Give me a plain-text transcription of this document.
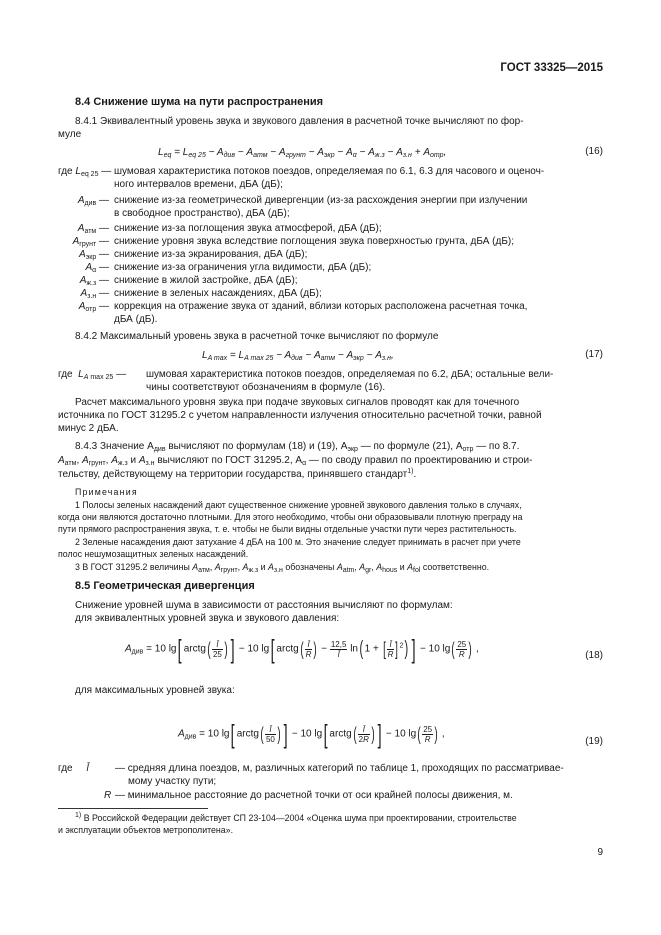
ГОСТ 33325—2015
8.4 Снижение шума на пути распространения
8.4.1 Эквивалентный уровень звука и звукового давления в расчетной точке вычисляют по фор-
муле
$L_{eq} = L_{eq 25} - A_{див} - A_{атм} - A_{грунт} - A_{экр} - A_\alpha - A_{ж.з} - A_{з.н} + A_{отр}$,	(16)
где $L_{eq 25}$ — шумовая характеристика потоков поездов, определяемая по 6.1, 6.3 для часового и оценоч-
ного интервалов времени, дБА (дБ);
$A_{див}$ — снижение из-за геометрической дивергенции (из-за расхождения энергии при излучении
в свободное пространство), дБА (дБ);
$A_{атм}$ — снижение из-за поглощения звука атмосферой, дБА (дБ);
$A_{грунт}$ — снижение уровня звука вследствие поглощения звука поверхностью грунта, дБА (дБ);
$A_{экр}$ — снижение из-за экранирования, дБА (дБ);
$A_\alpha$ — снижение из-за ограничения угла видимости, дБА (дБ);
$A_{ж.з}$ — снижение в жилой застройке, дБА (дБ);
$A_{з.н}$ — снижение в зеленых насаждениях, дБА (дБ);
$A_{отр}$ — коррекция на отражение звука от зданий, вблизи которых расположена расчетная точка,
дБА (дБ).
8.4.2 Максимальный уровень звука в расчетной точке вычисляют по формуле
$L_{A max} = L_{A max 25} - A_{див} - A_{атм} - A_{экр} - A_{з.н}$,	(17)
где $L_{A max 25}$ — шумовая характеристика потоков поездов, определяемая по 6.2, дБА; остальные вели-
чины соответствуют обозначениям в формуле (16).
Расчет максимального уровня звука при подаче звуковых сигналов проводят как для точечного
источника по ГОСТ 31295.2 с учетом направленности излучения относительно расчетной точки, равной
минус 2 дБА.
8.4.3 Значение $A_{див}$ вычисляют по формулам (18) и (19), $A_{экр}$ — по формуле (21), $A_{отр}$ — по 8.7.
$A_{атм}$, $A_{грунт}$, $A_{ж.з}$ и $A_{з.н}$ вычисляют по ГОСТ 31295.2, $A_\alpha$ — по своду правил по проектированию и строи-
тельству, действующему на территории государства, принявшего стандарт$^{1)}$.
Примечания
1 Полосы зеленых насаждений дают существенное снижение уровней звукового давления только в случаях,
когда они являются достаточно плотными. Для этого необходимо, чтобы они образовывали плотную преграду на
пути прямого распространения звука, т. е. чтобы не были видны отдельные участки пути через растительность.
2 Зеленые насаждения дают затухание 4 дБА на 100 м. Это значение следует принимать в расчет при учете
полос нешумозащитных зеленых насаждений.
3 В ГОСТ 31295.2 величины $A_{атм}$, $A_{грунт}$, $A_{ж.з}$ и $A_{з.н}$ обозначены $A_{atm}$, $A_{gr}$, $A_{hous}$ и $A_{fol}$ соответственно.
8.5 Геометрическая дивергенция
Снижение уровней шума в зависимости от расстояния вычисляют по формулам:
для эквивалентных уровней звука и звукового давления:
$A_{див} = 10$ lg[ arctg( $\frac{l̄}{25}$ ) ] − 10 lg[ arctg( $\frac{l̄}{R}$ ) − $\frac{12,5}{l̄} \ln$( 1 + [ $\frac{l̄}{R} ]^2$) ] − 10 $\lg( \frac{25}{R}$ ) ,
(18)
для максимальных уровней звука:
$A_{див} = 10$ lg[ arctg( $\frac{l̄}{50}$ ) ] − 10 lg[ arctg( $\frac{l̄}{2R}$ ) ] − 10 $\lg( \frac{25}{R}$ ) ,
(19)
где l̄	— средняя длина поездов, м, различных категорий по таблице 1, проходящих по рассматривае-
мому участку пути;
R — минимальное расстояние до расчетной точки от оси крайней полосы движения, м.
$^{1)}$ В Российской Федерации действует СП 23-104—2004 «Оценка шума при проектировании, строительстве
и эксплуатации объектов метрополитена».
9
